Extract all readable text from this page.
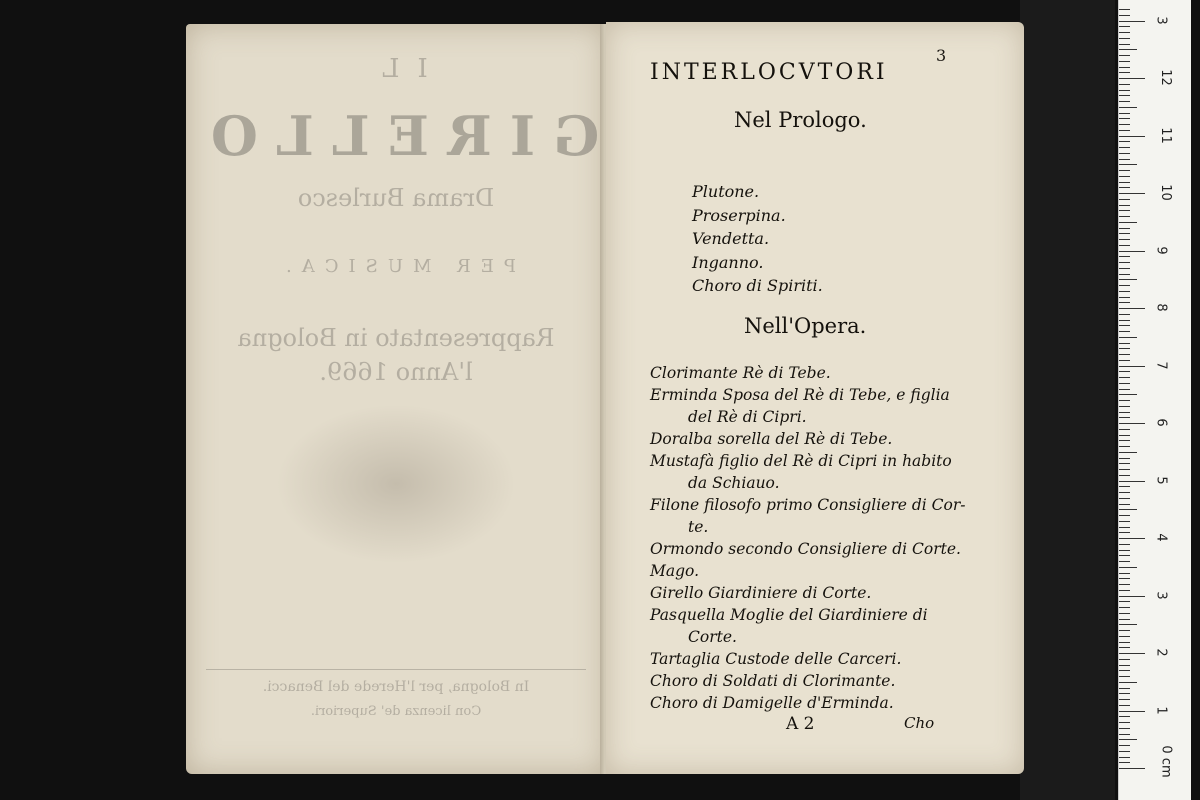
IL
GIRELLO
Drama Burlesco
PER MUSICA.
Rappresentato in Bologna
l'Anno 1669.
In Bologna, per l'Herede del Benacci.
Con licenza de' Superiori.
3
INTERLOCVTORI
Nel Prologo.
Plutone.
Proserpina.
Vendetta.
Inganno.
Choro di Spiriti.
Nell'Opera.
Clorimante Rè di Tebe.
Erminda Sposa del Rè di Tebe, e figlia
del Rè di Cipri.
Doralba sorella del Rè di Tebe.
Mustafà figlio del Rè di Cipri in habito
da Schiauo.
Filone filosofo primo Consigliere di Cor-
te.
Ormondo secondo Consigliere di Corte.
Mago.
Girello Giardiniere di Corte.
Pasquella Moglie del Giardiniere di
Corte.
Tartaglia Custode delle Carceri.
Choro di Soldati di Clorimante.
Choro di Damigelle d'Erminda.
A 2	Cho
1
2
3
4
5
6
7
8
9
10
11
12
3
0 cm
